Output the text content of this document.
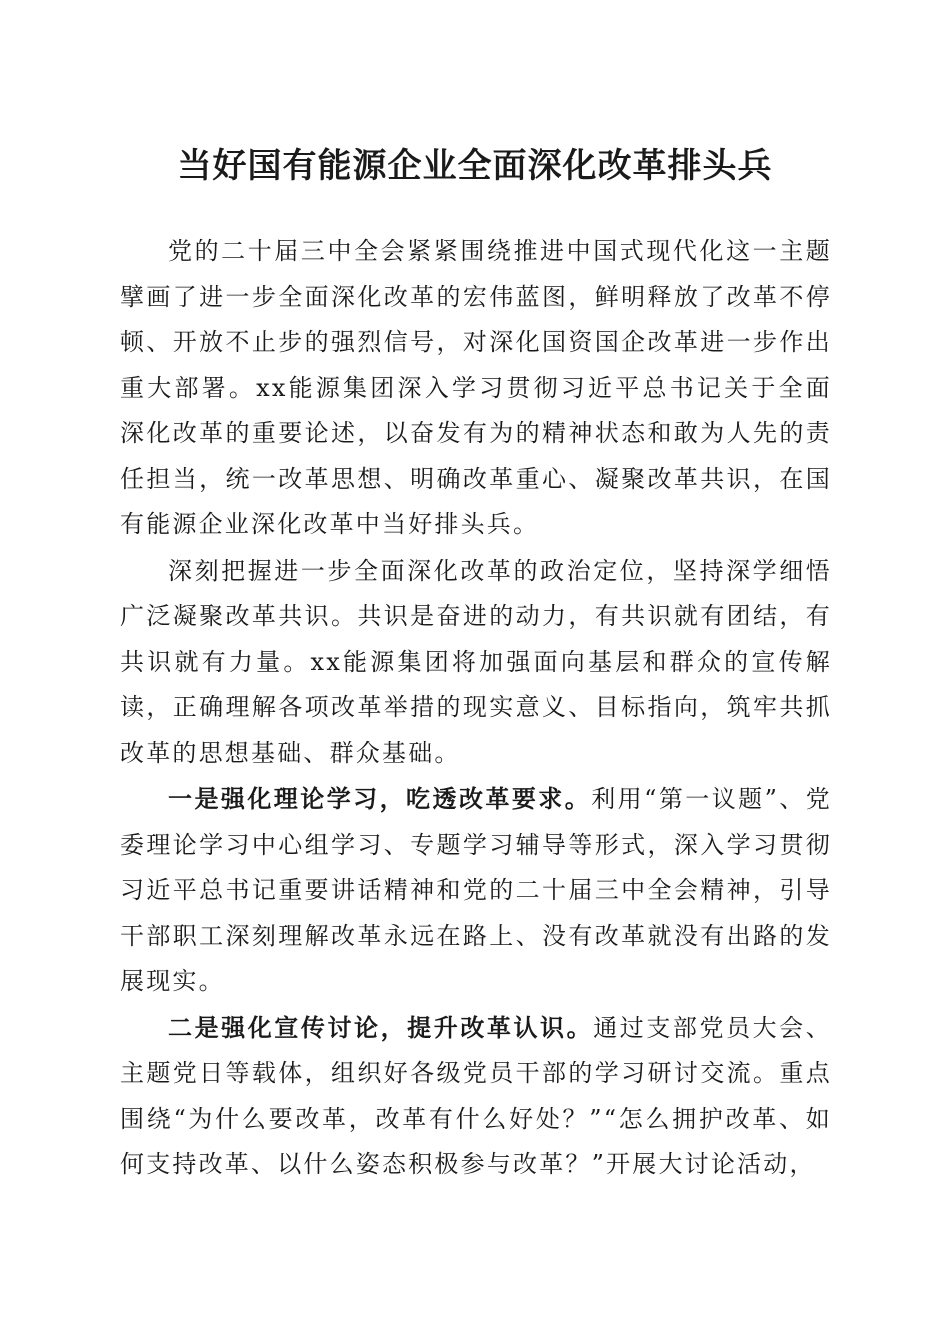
当好国有能源企业全面深化改革排头兵

党的二十届三中全会紧紧围绕推进中国式现代化这一主题擘画了进一步全面深化改革的宏伟蓝图，鲜明释放了改革不停顿、开放不止步的强烈信号，对深化国资国企改革进一步作出重大部署。xx能源集团深入学习贯彻习近平总书记关于全面深化改革的重要论述，以奋发有为的精神状态和敢为人先的责任担当，统一改革思想、明确改革重心、凝聚改革共识，在国有能源企业深化改革中当好排头兵。

深刻把握进一步全面深化改革的政治定位，坚持深学细悟广泛凝聚改革共识。共识是奋进的动力，有共识就有团结，有共识就有力量。xx能源集团将加强面向基层和群众的宣传解读，正确理解各项改革举措的现实意义、目标指向，筑牢共抓改革的思想基础、群众基础。

一是强化理论学习，吃透改革要求。利用“第一议题”、党委理论学习中心组学习、专题学习辅导等形式，深入学习贯彻习近平总书记重要讲话精神和党的二十届三中全会精神，引导干部职工深刻理解改革永远在路上、没有改革就没有出路的发展现实。

二是强化宣传讨论，提升改革认识。通过支部党员大会、主题党日等载体，组织好各级党员干部的学习研讨交流。重点围绕“为什么要改革，改革有什么好处？”“怎么拥护改革、如何支持改革、以什么姿态积极参与改革？”开展大讨论活动，
